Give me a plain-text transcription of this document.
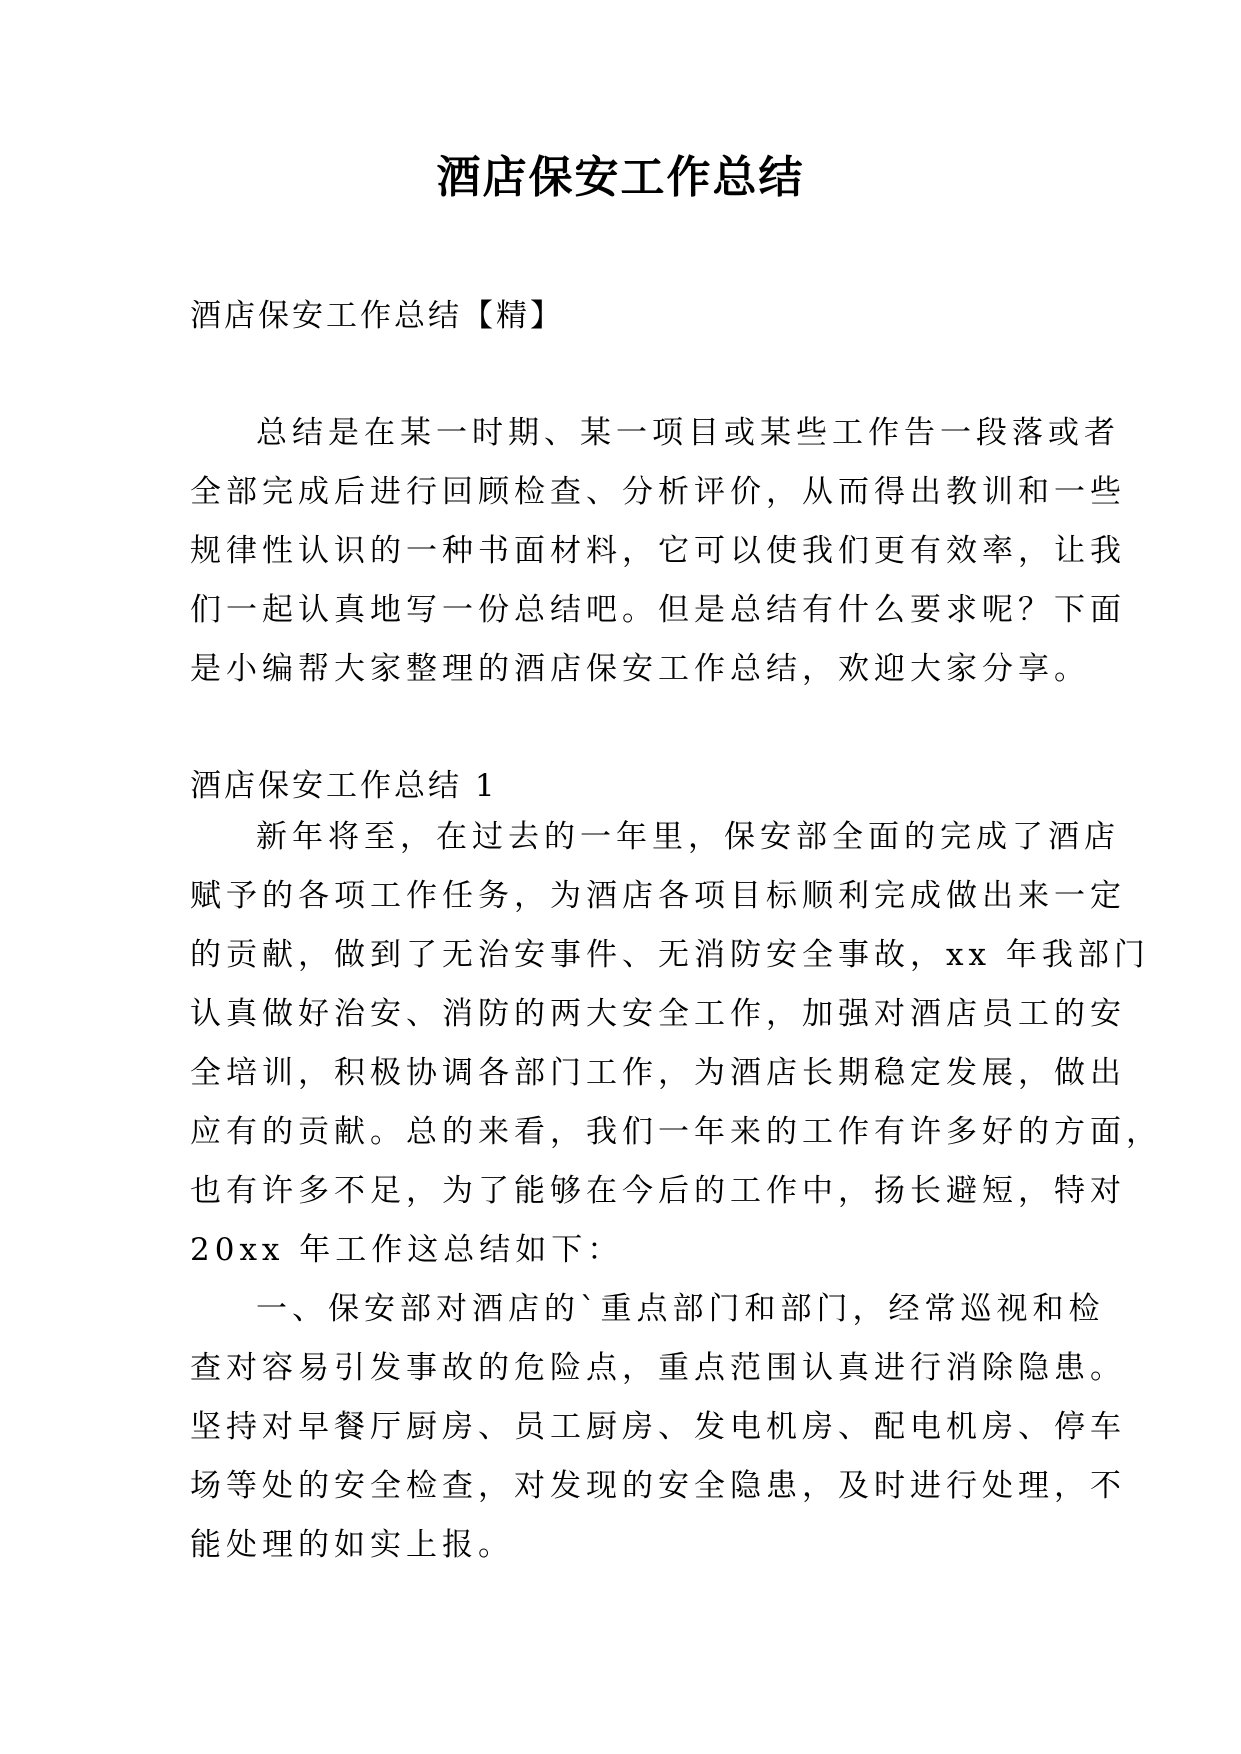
酒店保安工作总结

酒店保安工作总结【精】

总结是在某一时期、某一项目或某些工作告一段落或者
全部完成后进行回顾检查、分析评价，从而得出教训和一些
规律性认识的一种书面材料，它可以使我们更有效率，让我
们一起认真地写一份总结吧。但是总结有什么要求呢？下面
是小编帮大家整理的酒店保安工作总结，欢迎大家分享。

酒店保安工作总结 1

新年将至，在过去的一年里，保安部全面的完成了酒店
赋予的各项工作任务，为酒店各项目标顺利完成做出来一定
的贡献，做到了无治安事件、无消防安全事故，xx 年我部门
认真做好治安、消防的两大安全工作，加强对酒店员工的安
全培训，积极协调各部门工作，为酒店长期稳定发展，做出
应有的贡献。总的来看，我们一年来的工作有许多好的方面，
也有许多不足，为了能够在今后的工作中，扬长避短，特对
20xx 年工作这总结如下：
一、保安部对酒店的`重点部门和部门，经常巡视和检
查对容易引发事故的危险点，重点范围认真进行消除隐患。
坚持对早餐厅厨房、员工厨房、发电机房、配电机房、停车
场等处的安全检查，对发现的安全隐患，及时进行处理，不
能处理的如实上报。
